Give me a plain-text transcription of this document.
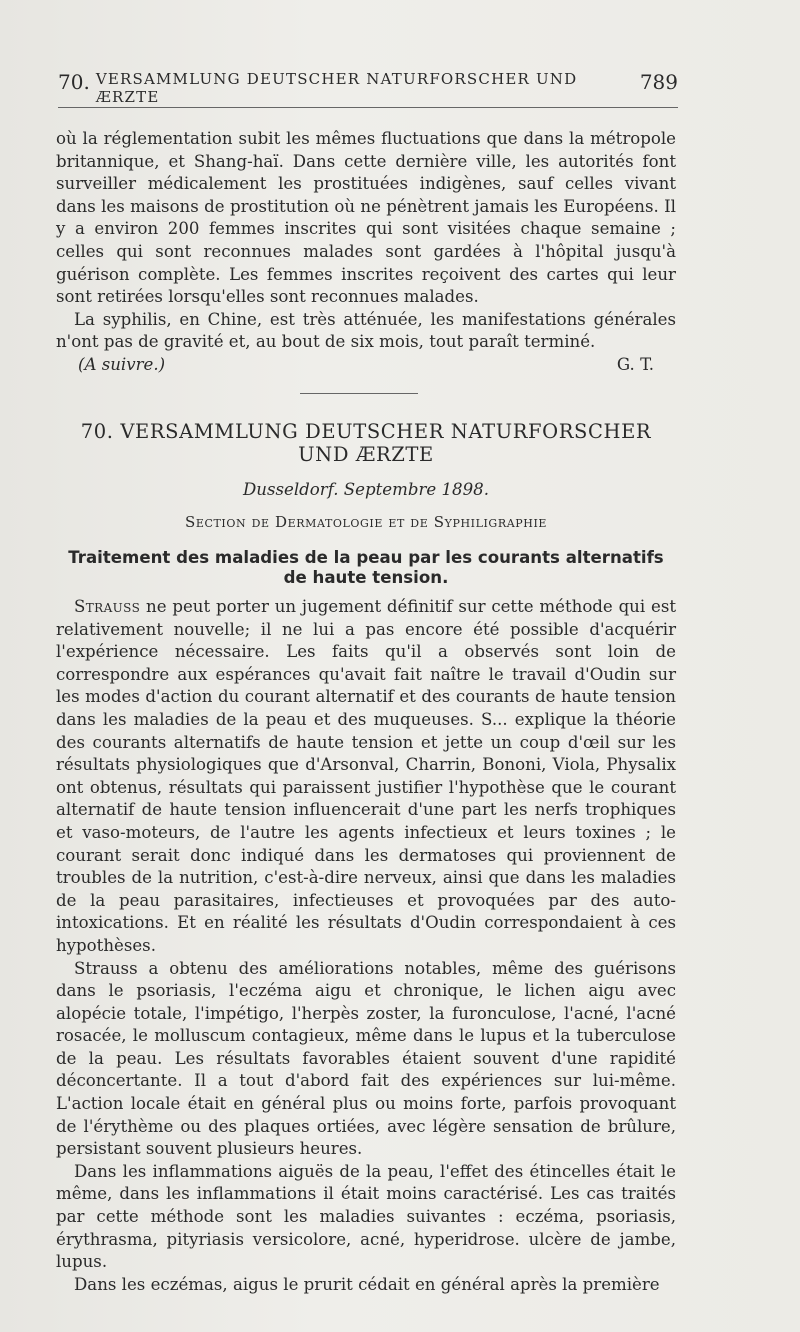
70. VERSAMMLUNG DEUTSCHER NATURFORSCHER UND ÆRZTE
789

où la réglementation subit les mêmes fluctuations que dans la métropole britannique, et Shang-haï. Dans cette dernière ville, les autorités font surveiller médicalement les prostituées indigènes, sauf celles vivant dans les maisons de prostitution où ne pénètrent jamais les Européens. Il y a environ 200 femmes inscrites qui sont visitées chaque semaine ; celles qui sont reconnues malades sont gardées à l'hôpital jusqu'à guérison complète. Les femmes inscrites reçoivent des cartes qui leur sont retirées lorsqu'elles sont reconnues malades.

La syphilis, en Chine, est très atténuée, les manifestations générales n'ont pas de gravité et, au bout de six mois, tout paraît terminé.

(A suivre.)	G. T.
70. VERSAMMLUNG DEUTSCHER NATURFORSCHER UND ÆRZTE
Dusseldorf. Septembre 1898.
Section de Dermatologie et de Syphiligraphie
Traitement des maladies de la peau par les courants alternatifs de haute tension.

Strauss ne peut porter un jugement définitif sur cette méthode qui est relativement nouvelle; il ne lui a pas encore été possible d'acquérir l'expérience nécessaire. Les faits qu'il a observés sont loin de correspondre aux espérances qu'avait fait naître le travail d'Oudin sur les modes d'action du courant alternatif et des courants de haute tension dans les maladies de la peau et des muqueuses. S... explique la théorie des courants alternatifs de haute tension et jette un coup d'œil sur les résultats physiologiques que d'Arsonval, Charrin, Bononi, Viola, Physalix ont obtenus, résultats qui paraissent justifier l'hypothèse que le courant alternatif de haute tension influencerait d'une part les nerfs trophiques et vaso-moteurs, de l'autre les agents infectieux et leurs toxines ; le courant serait donc indiqué dans les dermatoses qui proviennent de troubles de la nutrition, c'est-à-dire nerveux, ainsi que dans les maladies de la peau parasitaires, infectieuses et provoquées par des auto-intoxications. Et en réalité les résultats d'Oudin correspondaient à ces hypothèses.

Strauss a obtenu des améliorations notables, même des guérisons dans le psoriasis, l'eczéma aigu et chronique, le lichen aigu avec alopécie totale, l'impétigo, l'herpès zoster, la furonculose, l'acné, l'acné rosacée, le molluscum contagieux, même dans le lupus et la tuberculose de la peau. Les résultats favorables étaient souvent d'une rapidité déconcertante. Il a tout d'abord fait des expériences sur lui-même. L'action locale était en général plus ou moins forte, parfois provoquant de l'érythème ou des plaques ortiées, avec légère sensation de brûlure, persistant souvent plusieurs heures.

Dans les inflammations aiguës de la peau, l'effet des étincelles était le même, dans les inflammations il était moins caractérisé. Les cas traités par cette méthode sont les maladies suivantes : eczéma, psoriasis, érythrasma, pityriasis versicolore, acné, hyperidrose. ulcère de jambe, lupus.

Dans les eczémas, aigus le prurit cédait en général après la première
